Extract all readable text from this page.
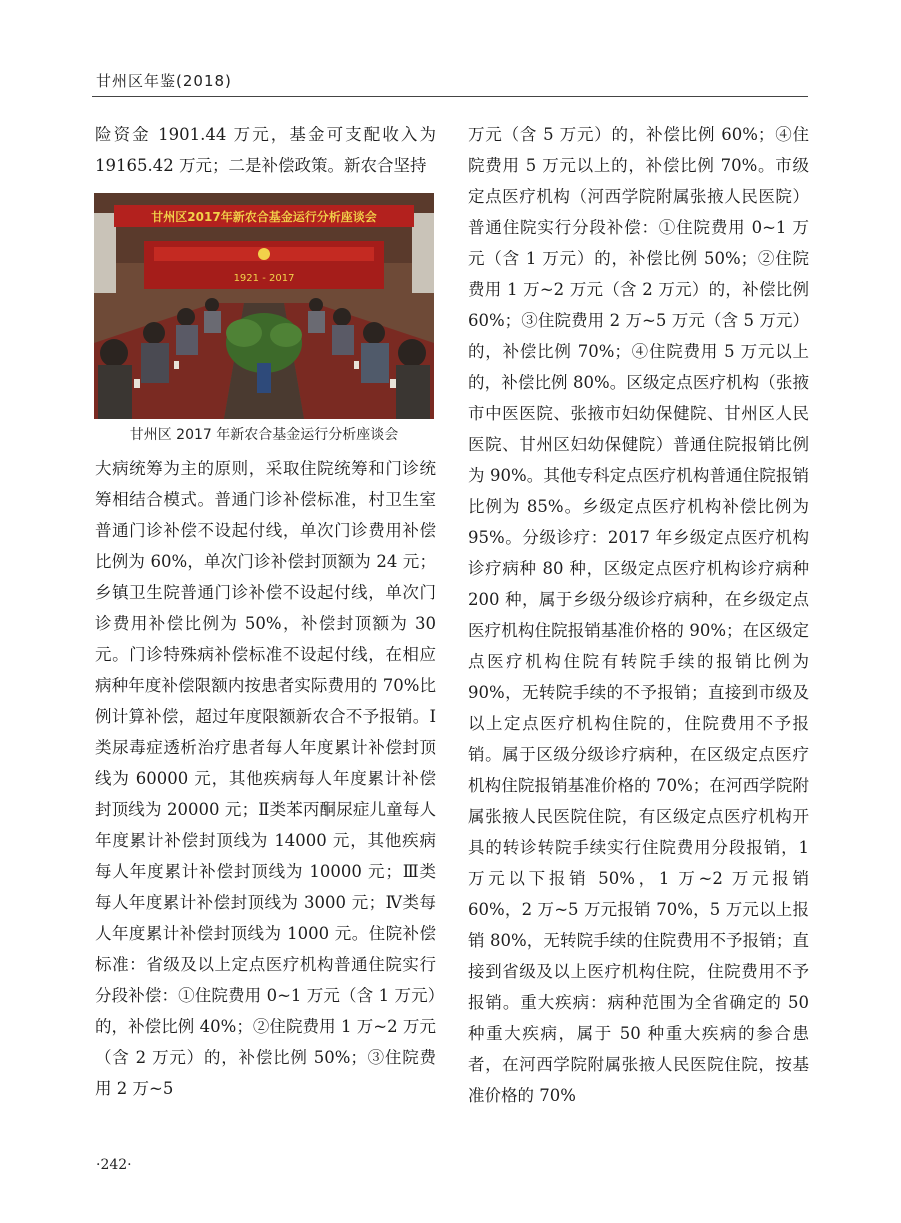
甘州区年鉴(2018)

险资金 1901.44 万元，基金可支配收入为 19165.42 万元；二是补偿政策。新农合坚持

甘州区2017年新农合基金运行分析座谈会
1921 - 2017
甘州区 2017 年新农合基金运行分析座谈会

大病统筹为主的原则，采取住院统筹和门诊统筹相结合模式。普通门诊补偿标准，村卫生室普通门诊补偿不设起付线，单次门诊费用补偿比例为 60%，单次门诊补偿封顶额为 24 元；乡镇卫生院普通门诊补偿不设起付线，单次门诊费用补偿比例为 50%，补偿封顶额为 30 元。门诊特殊病补偿标准不设起付线，在相应病种年度补偿限额内按患者实际费用的 70%比例计算补偿，超过年度限额新农合不予报销。Ⅰ类尿毒症透析治疗患者每人年度累计补偿封顶线为 60000 元，其他疾病每人年度累计补偿封顶线为 20000 元；Ⅱ类苯丙酮尿症儿童每人年度累计补偿封顶线为 14000 元，其他疾病每人年度累计补偿封顶线为 10000 元；Ⅲ类每人年度累计补偿封顶线为 3000 元；Ⅳ类每人年度累计补偿封顶线为 1000 元。住院补偿标准：省级及以上定点医疗机构普通住院实行分段补偿：①住院费用 0~1 万元（含 1 万元）的，补偿比例 40%；②住院费用 1 万~2 万元（含 2 万元）的，补偿比例 50%；③住院费用 2 万~5

万元（含 5 万元）的，补偿比例 60%；④住院费用 5 万元以上的，补偿比例 70%。市级定点医疗机构（河西学院附属张掖人民医院）普通住院实行分段补偿：①住院费用 0~1 万元（含 1 万元）的，补偿比例 50%；②住院费用 1 万~2 万元（含 2 万元）的，补偿比例 60%；③住院费用 2 万~5 万元（含 5 万元）的，补偿比例 70%；④住院费用 5 万元以上的，补偿比例 80%。区级定点医疗机构（张掖市中医医院、张掖市妇幼保健院、甘州区人民医院、甘州区妇幼保健院）普通住院报销比例为 90%。其他专科定点医疗机构普通住院报销比例为 85%。乡级定点医疗机构补偿比例为 95%。分级诊疗：2017 年乡级定点医疗机构诊疗病种 80 种，区级定点医疗机构诊疗病种 200 种，属于乡级分级诊疗病种，在乡级定点医疗机构住院报销基准价格的 90%；在区级定点医疗机构住院有转院手续的报销比例为 90%，无转院手续的不予报销；直接到市级及以上定点医疗机构住院的，住院费用不予报销。属于区级分级诊疗病种，在区级定点医疗机构住院报销基准价格的 70%；在河西学院附属张掖人民医院住院，有区级定点医疗机构开具的转诊转院手续实行住院费用分段报销，1 万元以下报销 50%，1 万~2 万元报销 60%，2 万~5 万元报销 70%，5 万元以上报销 80%，无转院手续的住院费用不予报销；直接到省级及以上医疗机构住院，住院费用不予报销。重大疾病：病种范围为全省确定的 50 种重大疾病，属于 50 种重大疾病的参合患者，在河西学院附属张掖人民医院住院，按基准价格的 70%

·242·
